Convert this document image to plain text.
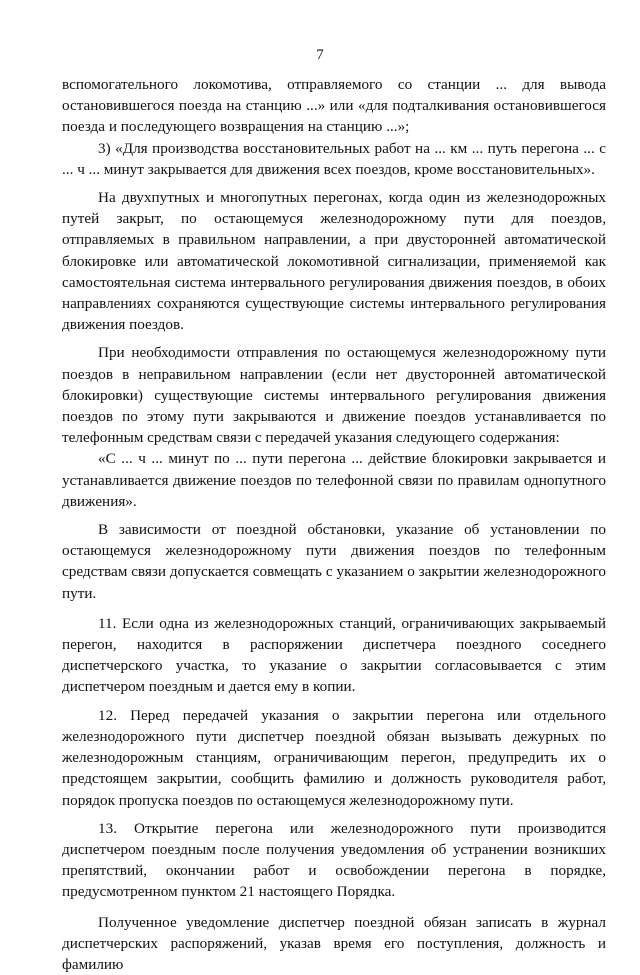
7

вспомогательного локомотива, отправляемого со станции ... для вывода остановившегося поезда на станцию ...» или «для подталкивания остановившегося поезда и последующего возвращения на станцию ...»;

3) «Для производства восстановительных работ на ... км ... путь перегона ... с ... ч ... минут закрывается для движения всех поездов, кроме восстановительных».

На двухпутных и многопутных перегонах, когда один из железнодорожных путей закрыт, по остающемуся железнодорожному пути для поездов, отправляемых в правильном направлении, а при двусторонней автоматической блокировке или автоматической локомотивной сигнализации, применяемой как самостоятельная система интервального регулирования движения поездов, в обоих направлениях сохраняются существующие системы интервального регулирования движения поездов.

При необходимости отправления по остающемуся железнодорожному пути поездов в неправильном направлении (если нет двусторонней автоматической блокировки) существующие системы интервального регулирования движения поездов по этому пути закрываются и движение поездов устанавливается по телефонным средствам связи с передачей указания следующего содержания:

«С ... ч ... минут по ... пути перегона ... действие блокировки закрывается и устанавливается движение поездов по телефонной связи по правилам однопутного движения».

В зависимости от поездной обстановки, указание об установлении по остающемуся железнодорожному пути движения поездов по телефонным средствам связи допускается совмещать с указанием о закрытии железнодорожного пути.

11. Если одна из железнодорожных станций, ограничивающих закрываемый перегон, находится в распоряжении диспетчера поездного соседнего диспетчерского участка, то указание о закрытии согласовывается с этим диспетчером поездным и дается ему в копии.

12. Перед передачей указания о закрытии перегона или отдельного железнодорожного пути диспетчер поездной обязан вызывать дежурных по железнодорожным станциям, ограничивающим перегон, предупредить их о предстоящем закрытии, сообщить фамилию и должность руководителя работ, порядок пропуска поездов по остающемуся железнодорожному пути.

13. Открытие перегона или железнодорожного пути производится диспетчером поездным после получения уведомления об устранении возникших препятствий, окончании работ и освобождении перегона в порядке, предусмотренном пунктом 21 настоящего Порядка.

Полученное уведомление диспетчер поездной обязан записать в журнал диспетчерских распоряжений, указав время его поступления, должность и фамилию
